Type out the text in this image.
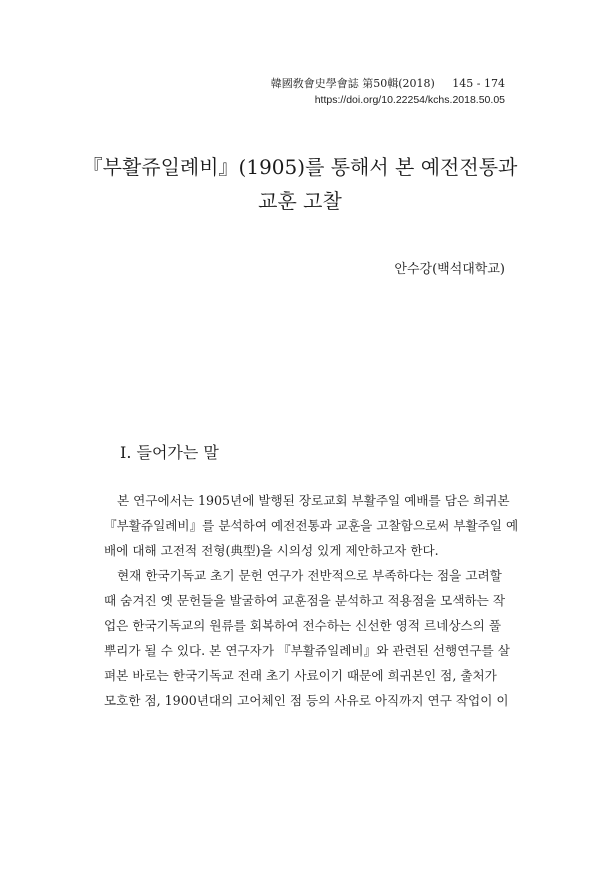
韓國敎會史學會誌 第50輯(2018) 145 - 174
https://doi.org/10.22254/kchs.2018.50.05
『부활쥬일례비』(1905)를 통해서 본 예전전통과
교훈 고찰
안수강(백석대학교)
I. 들어가는 말

본 연구에서는 1905년에 발행된 장로교회 부활주일 예배를 담은 희귀본
『부활쥬일례비』를 분석하여 예전전통과 교훈을 고찰함으로써 부활주일 예
배에 대해 고전적 전형(典型)을 시의성 있게 제안하고자 한다.

현재 한국기독교 초기 문헌 연구가 전반적으로 부족하다는 점을 고려할
때 숨겨진 옛 문헌들을 발굴하여 교훈점을 분석하고 적용점을 모색하는 작
업은 한국기독교의 원류를 회복하여 전수하는 신선한 영적 르네상스의 풀
뿌리가 될 수 있다. 본 연구자가 『부활쥬일례비』와 관련된 선행연구를 살
펴본 바로는 한국기독교 전래 초기 사료이기 때문에 희귀본인 점, 출처가
모호한 점, 1900년대의 고어체인 점 등의 사유로 아직까지 연구 작업이 이
